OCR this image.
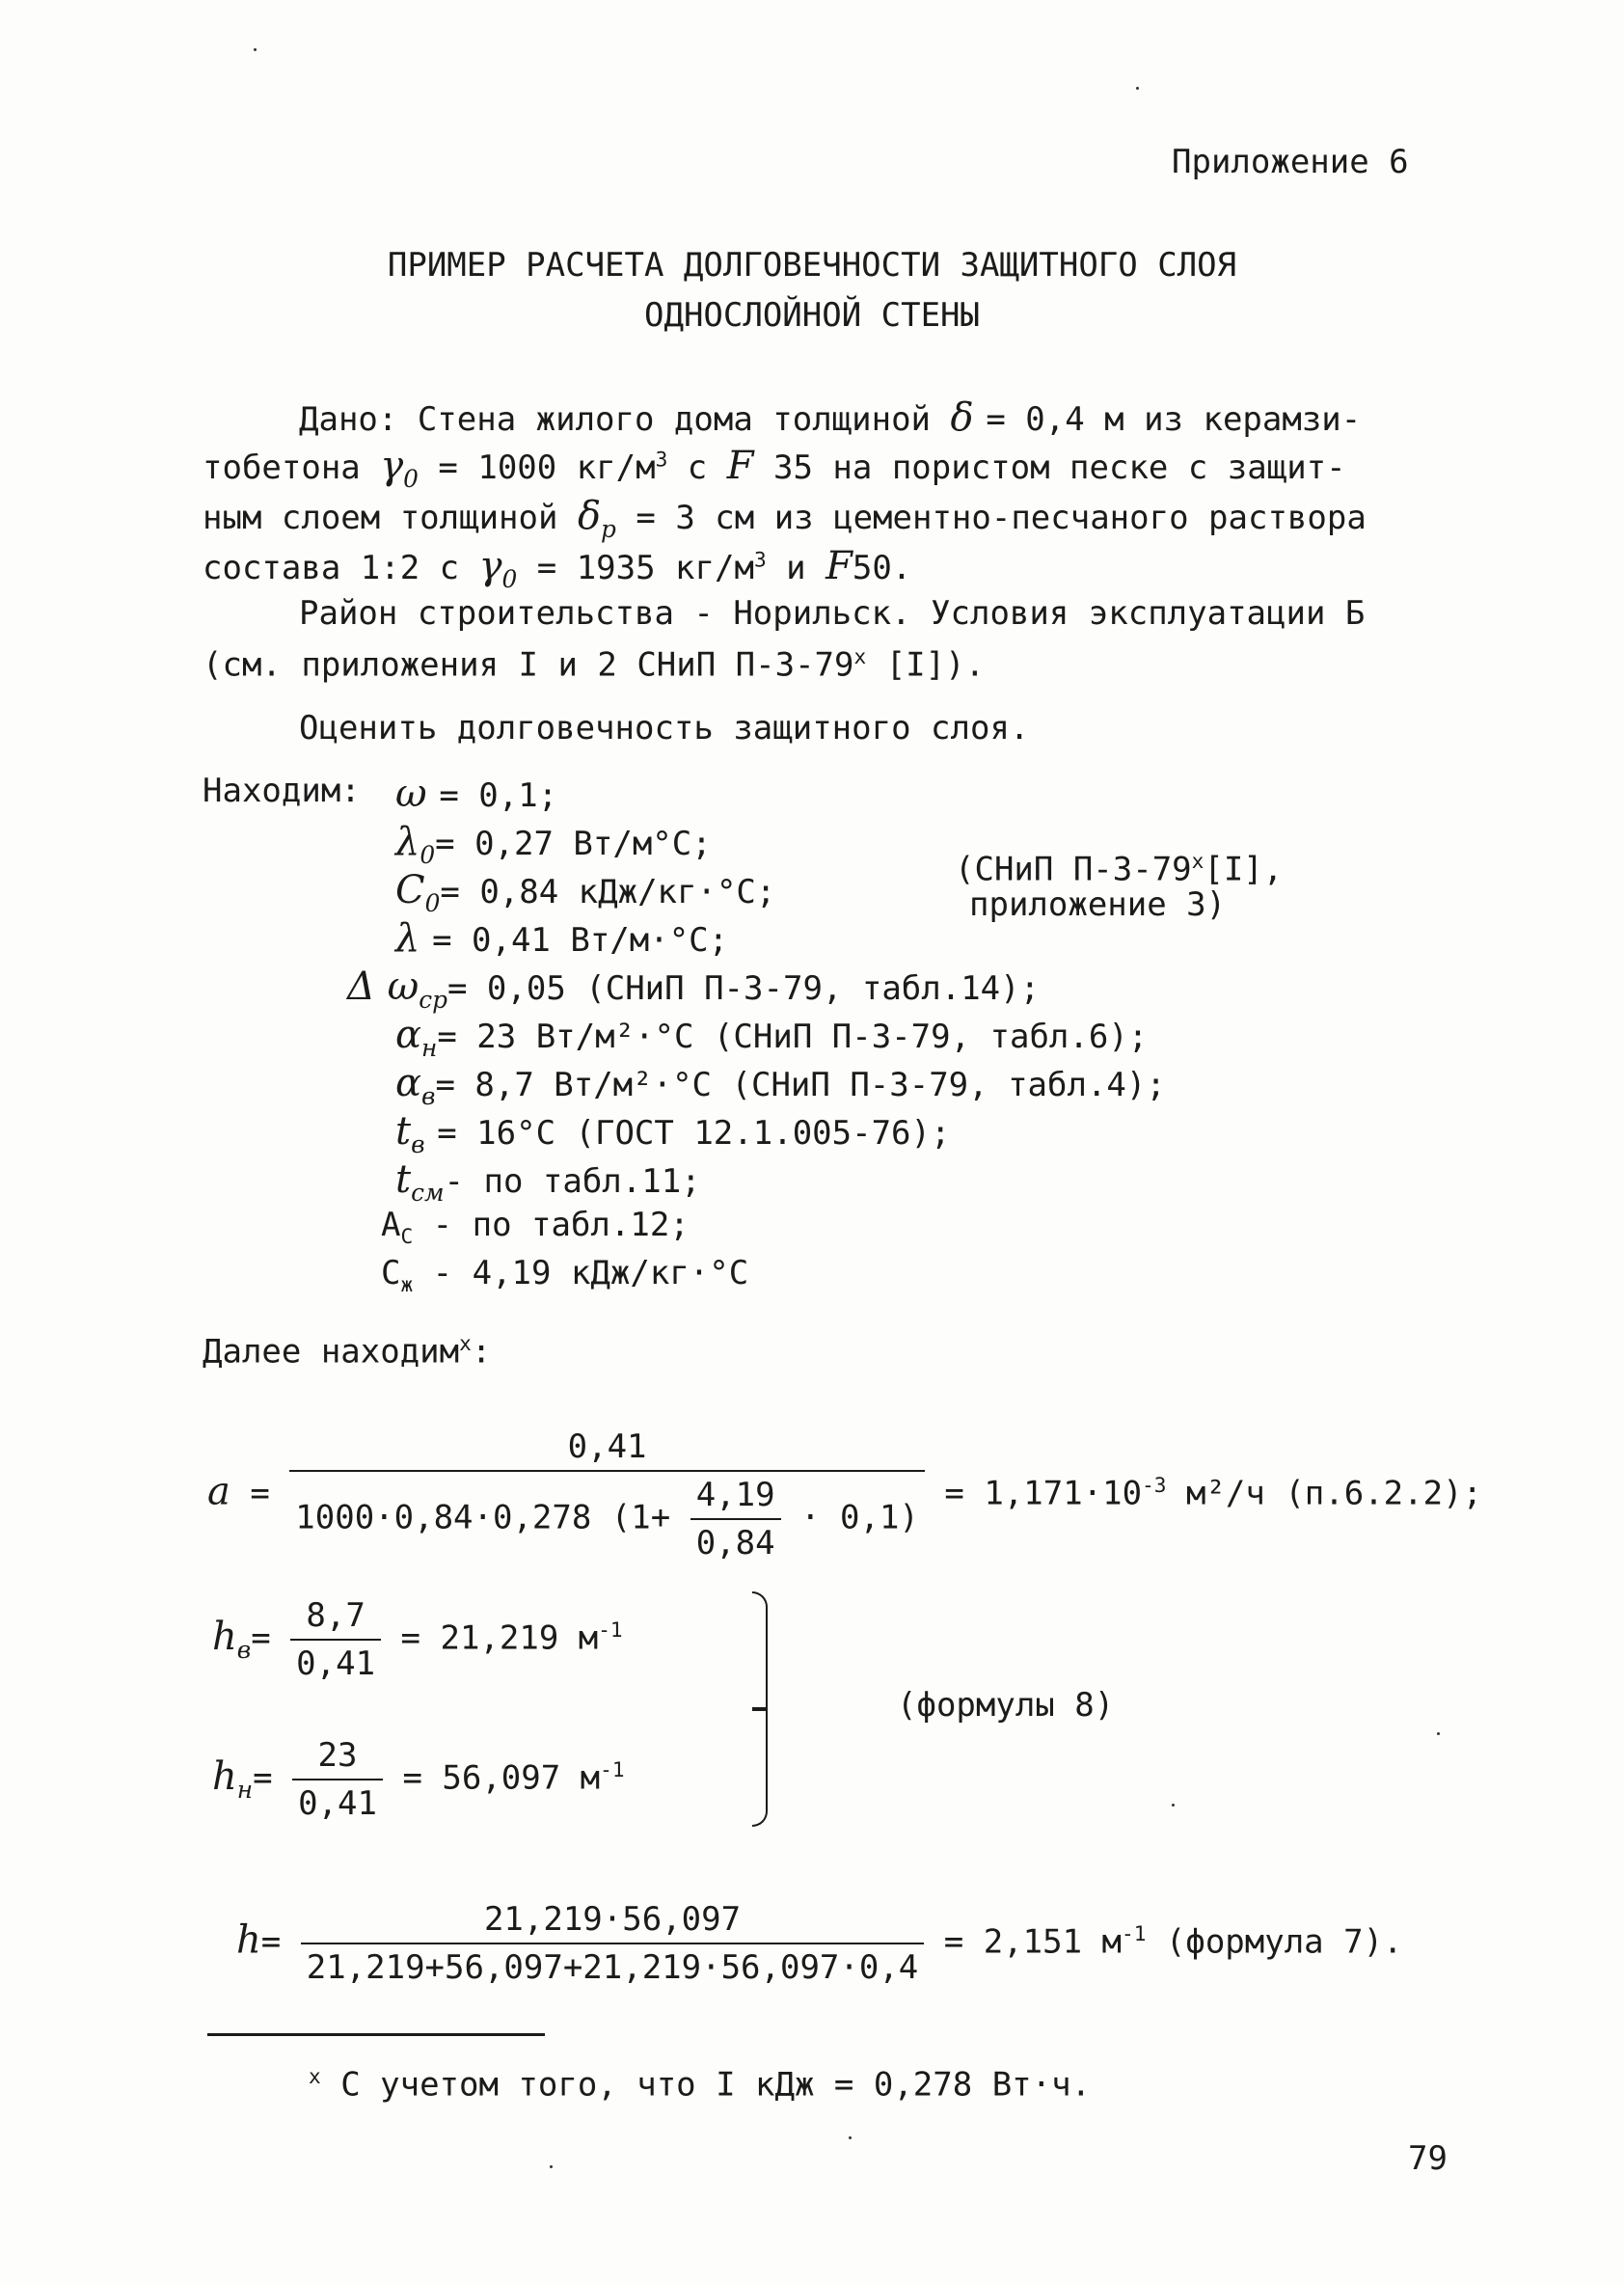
Приложение 6
ПРИМЕР РАСЧЕТА ДОЛГОВЕЧНОСТИ ЗАЩИТНОГО СЛОЯ
ОДНОСЛОЙНОЙ СТЕНЫ
Дано: Стена жилого дома толщиной δ = 0,4 м из керамзи-
тобетона $\gamma_0 = 1000$ $кг/м^3$ с F 35 на пористом песке с защит-
ным слоем толщиной $\delta_p = 3$ см из цементно-песчаного раствора
состава 1:2 с $\gamma_0 = 1935$ $кг/м^3$ и F50.
Район строительства - Норильск. Условия эксплуатации Б
(см. приложения I и 2 СНиП П-3-79$^x$ [I]).
Оценить долговечность защитного слоя.
Находим: ω = 0,1;
$\lambda_0= 0,27$ Вт/м°С;
$C_0= 0,84$ кДж/кг·°С;
λ = 0,41 Вт/м·°С;
Δ $\omega_{ср}= 0,05$ (СНиП П-3-79, табл.14);
$\alpha_н= 23$ Вт/м²·°С (СНиП П-3-79, табл.6);
$\alpha_в= 8,7$ Вт/м²·°С (СНиП П-3-79, табл.4);
$t_в = 16^\circ С$ (ГОСТ 12.1.005-76);
$t_{см}-$ по табл.11;
$A_C$ - по табл.12;
$С_ж - 4,19$ кДж/кг·°С
(СНиП П-3-79$^x$[I],
приложение 3)
Далее находим$^x$:
a =
0,41
1000·0,84·0,278 $(1+ \frac{4,19}{0,84} \cdot 0,1)$
= $1,171\cdot 10^{-3}$ м²/ч (п.6.2.2);
$h_в= \frac{8,7}{0,41} = 21,219$ $м^{-1}$
$h_н= \frac{23}{0,41} = 56,097$ $м^{-1}$
(формулы 8)
$h= \frac{21,219\cdot 56,097}{21,219+56,097+21,219\cdot 56,097\cdot 0,4} = 2,151$ $м^{-1}$ (формула 7).
$^x$ С учетом того, что I кДж = 0,278 Вт·ч.
79
